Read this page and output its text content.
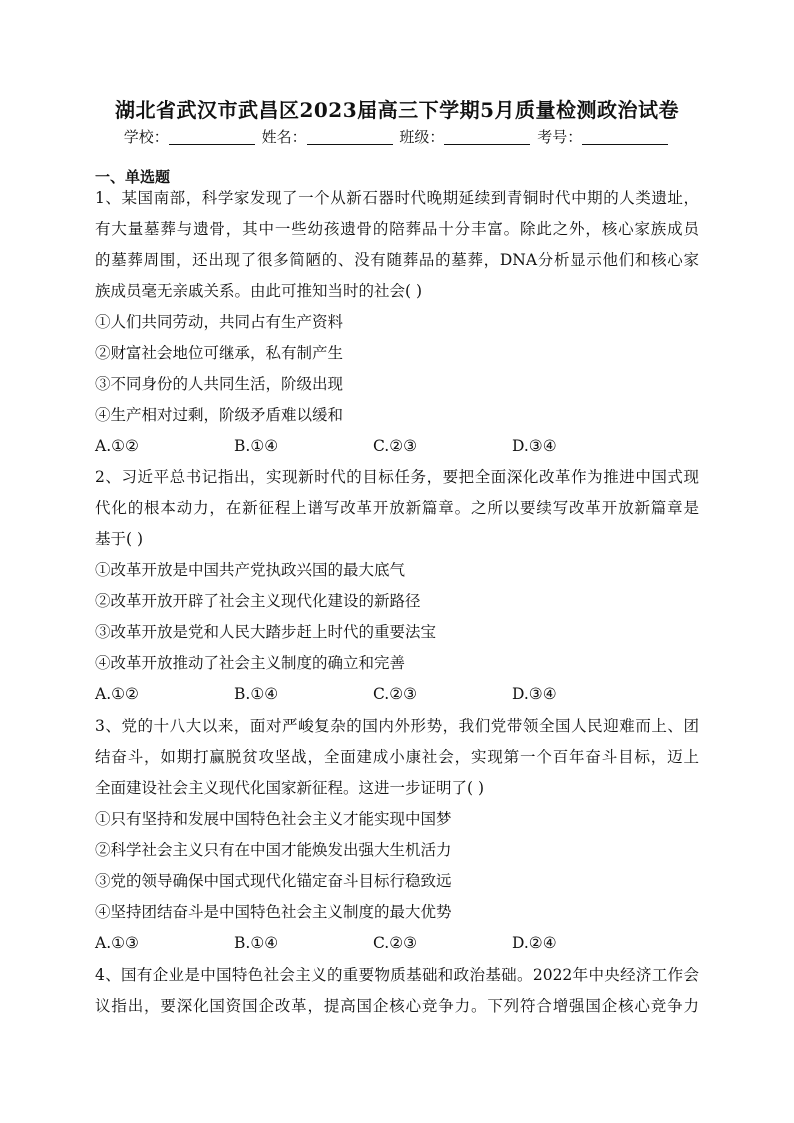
湖北省武汉市武昌区2023届高三下学期5月质量检测政治试卷
学校：	姓名：	班级：	考号：
一、单选题
1、某国南部，科学家发现了一个从新石器时代晚期延续到青铜时代中期的人类遗址，
有大量墓葬与遗骨，其中一些幼孩遗骨的陪葬品十分丰富。除此之外，核心家族成员
的墓葬周围，还出现了很多简陋的、没有随葬品的墓葬，DNA分析显示他们和核心家
族成员毫无亲戚关系。由此可推知当时的社会( )
①人们共同劳动，共同占有生产资料
②财富社会地位可继承，私有制产生
③不同身份的人共同生活，阶级出现
④生产相对过剩，阶级矛盾难以缓和
A.①②	B.①④	C.②③	D.③④
2、习近平总书记指出，实现新时代的目标任务，要把全面深化改革作为推进中国式现
代化的根本动力，在新征程上谱写改革开放新篇章。之所以要续写改革开放新篇章是
基于( )
①改革开放是中国共产党执政兴国的最大底气
②改革开放开辟了社会主义现代化建设的新路径
③改革开放是党和人民大踏步赶上时代的重要法宝
④改革开放推动了社会主义制度的确立和完善
A.①②	B.①④	C.②③	D.③④
3、党的十八大以来，面对严峻复杂的国内外形势，我们党带领全国人民迎难而上、团
结奋斗，如期打赢脱贫攻坚战，全面建成小康社会，实现第一个百年奋斗目标，迈上
全面建设社会主义现代化国家新征程。这进一步证明了( )
①只有坚持和发展中国特色社会主义才能实现中国梦
②科学社会主义只有在中国才能焕发出强大生机活力
③党的领导确保中国式现代化锚定奋斗目标行稳致远
④坚持团结奋斗是中国特色社会主义制度的最大优势
A.①③	B.①④	C.②③	D.②④
4、国有企业是中国特色社会主义的重要物质基础和政治基础。2022年中央经济工作会
议指出，要深化国资国企改革，提高国企核心竞争力。下列符合增强国企核心竞争力
